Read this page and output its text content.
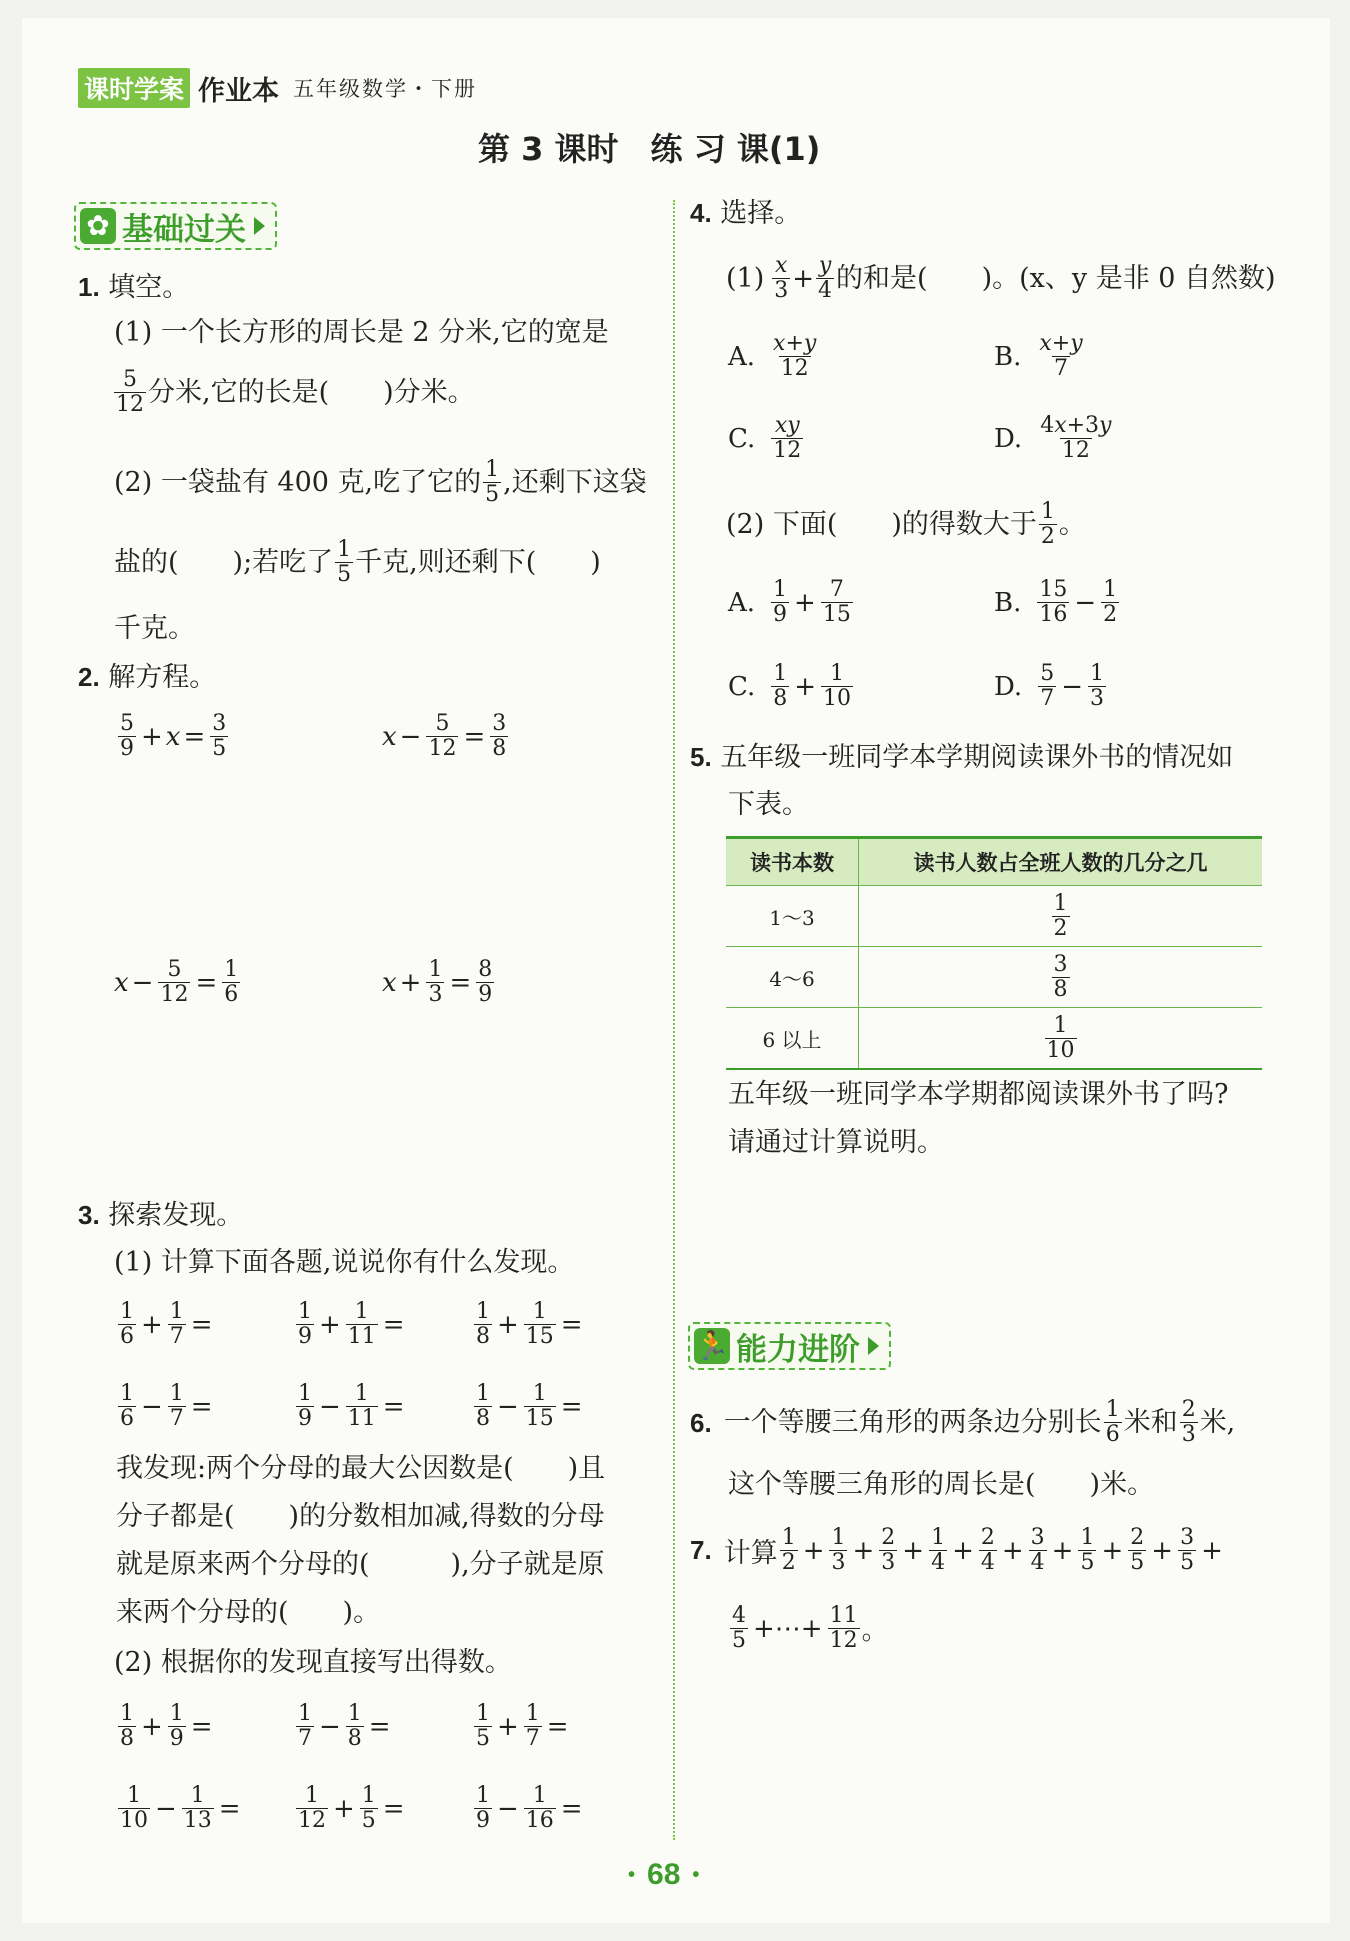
课时学案 作业本 五年级数学・下册
第 3 课时　练 习 课(1)
✿ 基础过关
1. 填空。
(1) 一个长方形的周长是 2 分米,它的宽是
$\frac{5}{12}$ 分米,它的长是(　　)分米。
(2) 一袋盐有 400 克,吃了它的 $\frac{1}{5}$ ,还剩下这袋
盐的(　　);若吃了 $\frac{1}{5}$ 千克,则还剩下(　　)
千克。
2. 解方程。
$\frac{5}{9} + x = \frac{3}{5}$	$x - \frac{5}{12} = \frac{3}{8}$
$x - \frac{5}{12} = \frac{1}{6}$	$x + \frac{1}{3} = \frac{8}{9}$
3. 探索发现。
(1) 计算下面各题,说说你有什么发现。
$\frac{1}{6} + \frac{1}{7}$ =	$\frac{1}{9} + \frac{1}{11}$ =	$\frac{1}{8} + \frac{1}{15}$ =
$\frac{1}{6} - \frac{1}{7}$ =	$\frac{1}{9} - \frac{1}{11}$ =	$\frac{1}{8} - \frac{1}{15}$ =
我发现:两个分母的最大公因数是(　　)且
分子都是(　　)的分数相加减,得数的分母
就是原来两个分母的(　　　),分子就是原
来两个分母的(　　)。
(2) 根据你的发现直接写出得数。
$\frac{1}{8} + \frac{1}{9}$ =	$\frac{1}{7} - \frac{1}{8}$ =	$\frac{1}{5} + \frac{1}{7}$ =
$\frac{1}{10} - \frac{1}{13}$ =	$\frac{1}{12} + \frac{1}{5}$ =	$\frac{1}{9} - \frac{1}{16}$ =
4. 选择。
$(1) \frac{x}{3} + \frac{y}{4}$ 的和是(　　)。(x、y 是非 0 自然数)
A. $\frac{x+y}{12}$	B. $\frac{x+y}{7}$
C. $\frac{xy}{12}$	D. $\frac{4x+3y}{12}$
(2) 下面(　　)的得数大于 $\frac{1}{2}$ 。
A. $\frac{1}{9} + \frac{7}{15}$	B. $\frac{15}{16} - \frac{1}{2}$
C. $\frac{1}{8} + \frac{1}{10}$	D. $\frac{5}{7} - \frac{1}{3}$
5. 五年级一班同学本学期阅读课外书的情况如
下表。
读书本数	读书人数占全班人数的几分之几
1～3	$\frac{1}{2}$

4～6	$\frac{3}{8}$

6 以上	$\frac{1}{10}$
五年级一班同学本学期都阅读课外书了吗?
请通过计算说明。
🏃 能力进阶
6. 一个等腰三角形的两条边分别长 $\frac{1}{6}$ 米和 $\frac{2}{3}$ 米,
这个等腰三角形的周长是(　　)米。
7. 计算 $\frac{1}{2} + \frac{1}{3} + \frac{2}{3} + \frac{1}{4} + \frac{2}{4} + \frac{3}{4} + \frac{1}{5} + \frac{2}{5} + \frac{3}{5}$ +
$\frac{4}{5}$ +⋯+ $\frac{11}{12}$ 。
• 68 •
